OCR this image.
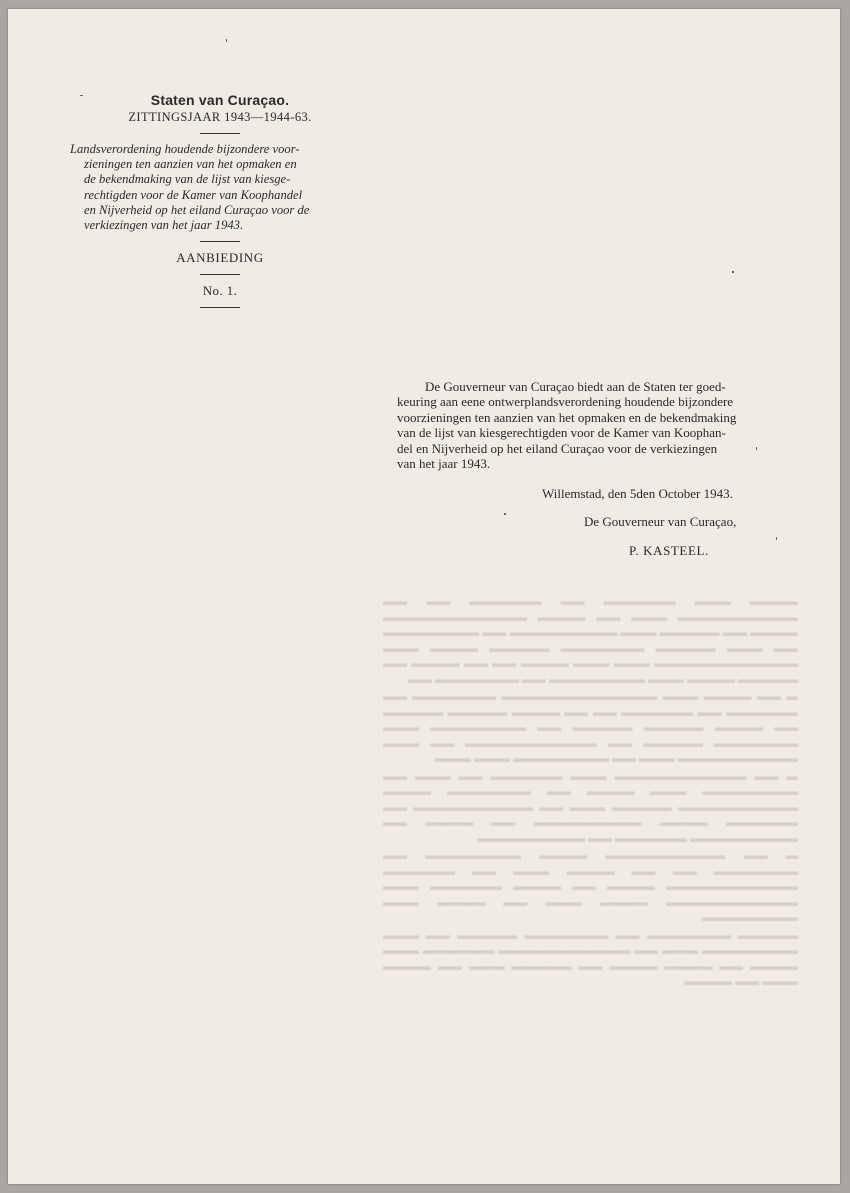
Staten van Curaçao.
ZITTINGSJAAR 1943—1944-63.
Landsverordening houdende bijzondere voor-
zieningen ten aanzien van het opmaken en
de bekendmaking van de lijst van kiesge-
rechtigden voor de Kamer van Koophandel
en Nijverheid op het eiland Curaçao voor de
verkiezingen van het jaar 1943.
AANBIEDING
No. 1.
De Gouverneur van Curaçao biedt aan de Staten ter goed-
keuring aan eene ontwerplandsverordening houdende bijzondere
voorzieningen ten aanzien van het opmaken en de bekendmaking
van de lijst van kiesgerechtigden voor de Kamer van Koophan-
del en Nijverheid op het eiland Curaçao voor de verkiezingen
van het jaar 1943.
Willemstad, den 5den October 1943.
De Gouverneur van Curaçao,
P. KASTEEL.

▬▬▬▬ ▬▬▬ ▬▬▬▬▬▬ ▬▬ ▬▬▬▬▬▬ ▬▬ ▬▬ ▬▬▬▬▬▬▬▬▬▬ ▬▬▬ ▬▬ ▬▬▬▬ ▬▬▬▬▬▬▬▬▬▬▬▬ ▬▬▬▬ ▬▬ ▬▬▬▬▬ ▬▬▬ ▬▬▬▬▬▬▬▬▬ ▬▬ ▬▬▬▬▬▬▬▬ ▬▬ ▬▬▬ ▬▬▬▬▬ ▬▬▬▬▬▬▬ ▬▬▬▬▬ ▬▬▬▬ ▬▬▬ ▬▬▬▬▬▬▬▬▬▬▬▬ ▬▬▬ ▬▬▬ ▬▬▬▬ ▬▬ ▬▬ ▬▬▬▬ ▬▬ ▬▬▬▬▬ ▬▬▬▬ ▬▬▬ ▬▬▬▬▬▬▬▬ ▬▬ ▬▬▬▬▬▬▬ ▬▬

▬ ▬▬ ▬▬▬▬ ▬▬▬ ▬▬▬▬▬▬▬▬▬▬▬▬▬ ▬▬▬▬▬▬▬ ▬▬ ▬▬▬▬▬▬ ▬▬ ▬▬▬▬▬▬ ▬▬ ▬▬ ▬▬▬▬ ▬▬▬▬▬ ▬▬▬▬▬ ▬▬ ▬▬▬▬ ▬▬▬▬▬ ▬▬▬▬▬ ▬▬ ▬▬▬▬▬▬▬▬ ▬▬▬ ▬▬▬▬▬▬▬ ▬▬▬▬▬ ▬▬ ▬▬▬▬▬▬▬▬▬▬▬ ▬▬ ▬▬▬ ▬▬▬▬▬▬▬▬▬▬ ▬▬▬ ▬▬ ▬▬▬▬▬▬▬▬ ▬▬▬ ▬▬▬

▬ ▬▬ ▬▬▬▬▬▬▬▬▬▬▬ ▬▬▬ ▬▬▬▬▬▬ ▬▬ ▬▬▬ ▬▬ ▬▬▬▬▬▬▬▬ ▬▬▬ ▬▬▬▬ ▬▬ ▬▬▬▬▬▬▬ ▬▬▬▬ ▬▬▬▬▬▬▬▬▬▬ ▬▬▬▬▬ ▬▬▬ ▬▬ ▬▬▬▬▬▬▬▬▬▬ ▬▬ ▬▬▬▬▬▬ ▬▬▬▬ ▬▬▬▬▬▬▬▬▬ ▬▬ ▬▬▬▬ ▬▬ ▬▬▬▬▬▬▬▬▬ ▬▬▬▬▬▬ ▬▬ ▬▬▬▬▬▬▬▬▬

▬ ▬▬ ▬▬▬▬▬▬▬▬▬▬ ▬▬▬▬ ▬▬▬▬▬▬▬▬ ▬▬ ▬▬▬▬▬▬▬ ▬▬ ▬▬ ▬▬▬▬ ▬▬▬ ▬▬ ▬▬▬▬▬▬ ▬▬▬▬▬▬▬▬▬▬▬ ▬▬▬▬ ▬▬ ▬▬▬▬ ▬▬▬▬▬▬ ▬▬▬ ▬▬▬▬▬▬▬▬▬▬▬ ▬▬▬▬ ▬▬▬ ▬▬ ▬▬▬▬ ▬▬▬ ▬▬▬▬▬▬▬▬

▬▬▬▬▬ ▬▬▬▬▬▬▬ ▬▬ ▬▬▬▬▬▬▬ ▬▬▬▬▬ ▬▬ ▬▬▬ ▬▬▬▬▬▬▬▬ ▬▬▬ ▬▬ ▬▬▬▬▬▬▬▬▬▬▬ ▬▬▬▬▬▬ ▬▬▬ ▬▬▬▬ ▬▬ ▬▬▬▬ ▬▬▬▬ ▬▬ ▬▬▬▬▬ ▬▬▬ ▬▬ ▬▬▬▬ ▬▬▬ ▬▬ ▬▬▬▬
